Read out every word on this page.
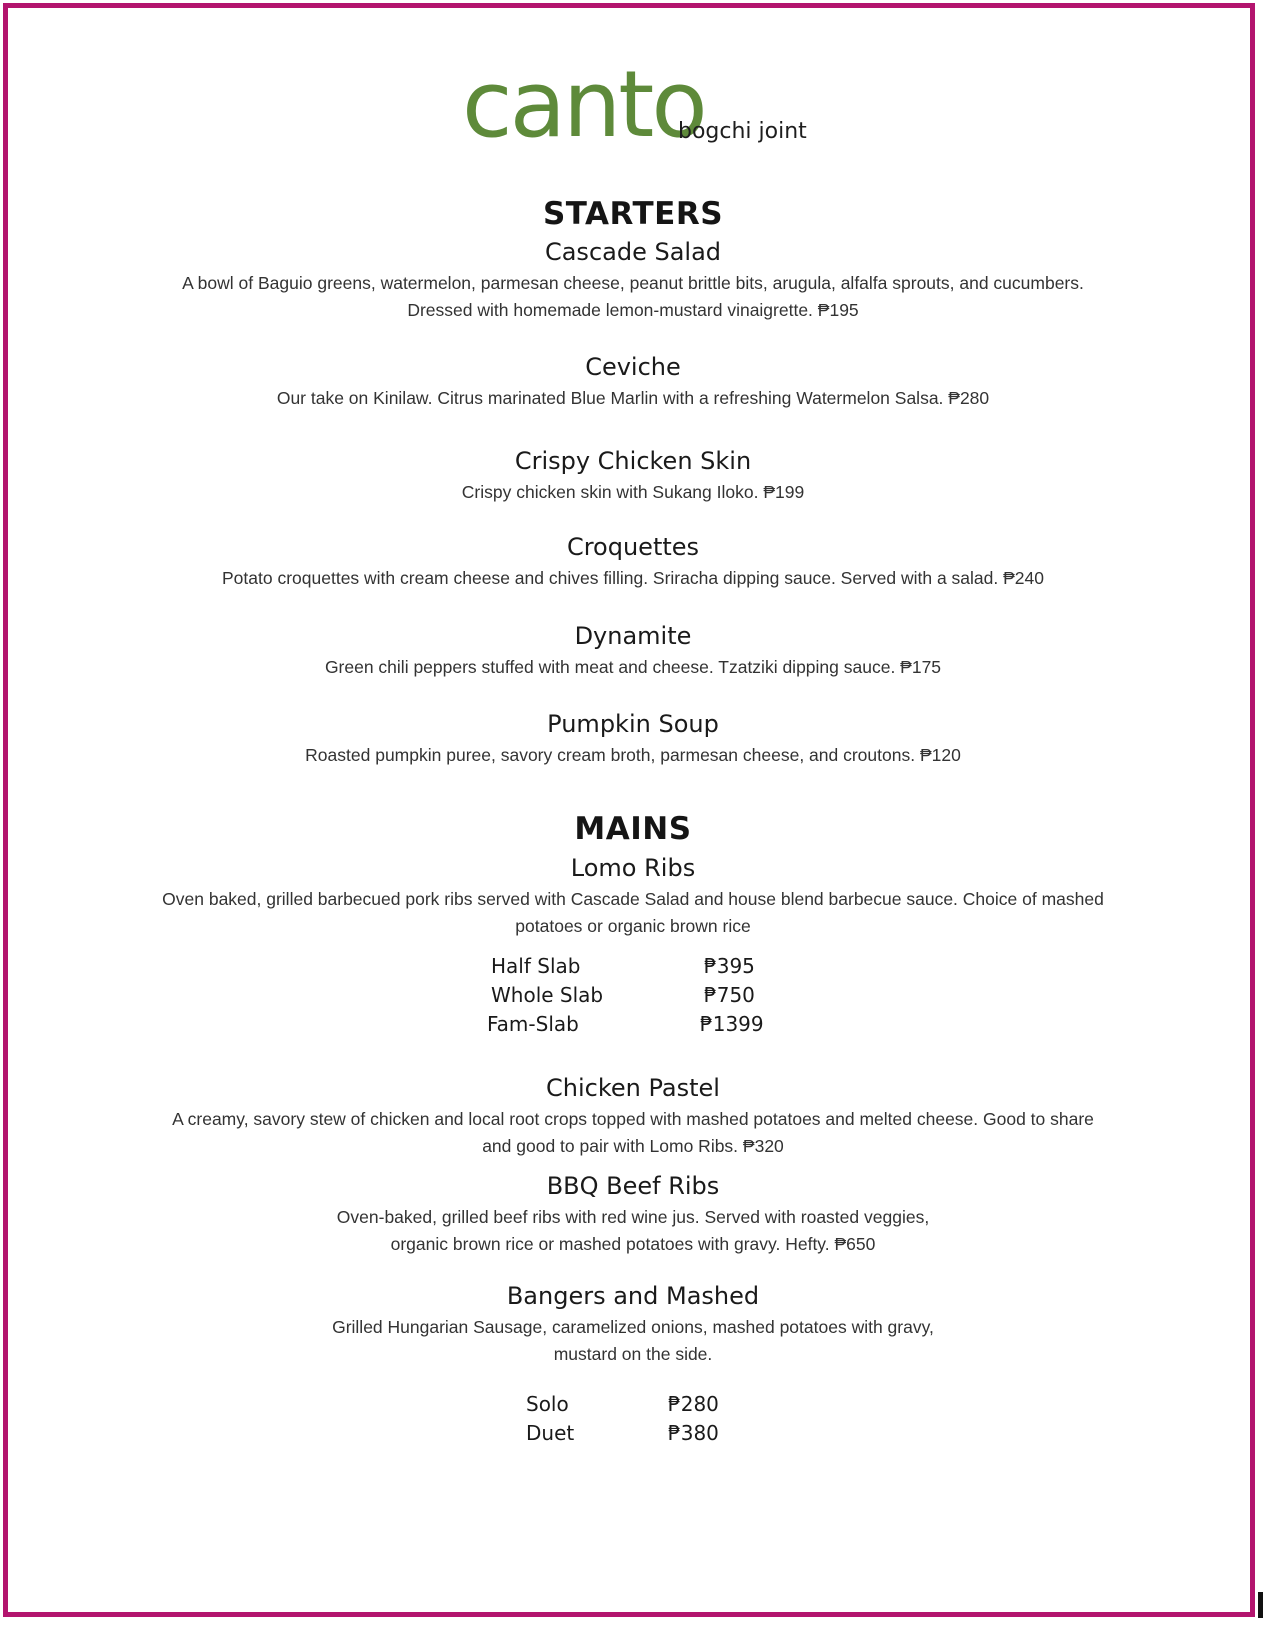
canto
bogchi joint
STARTERS
Cascade Salad
A bowl of Baguio greens, watermelon, parmesan cheese, peanut brittle bits, arugula, alfalfa sprouts, and cucumbers.
Dressed with homemade lemon-mustard vinaigrette. ₱195
Ceviche
Our take on Kinilaw. Citrus marinated Blue Marlin with a refreshing Watermelon Salsa. ₱280
Crispy Chicken Skin
Crispy chicken skin with Sukang Iloko. ₱199
Croquettes
Potato croquettes with cream cheese and chives filling. Sriracha dipping sauce. Served with a salad. ₱240
Dynamite
Green chili peppers stuffed with meat and cheese. Tzatziki dipping sauce. ₱175
Pumpkin Soup
Roasted pumpkin puree, savory cream broth, parmesan cheese, and croutons. ₱120
MAINS
Lomo Ribs
Oven baked, grilled barbecued pork ribs served with Cascade Salad and house blend barbecue sauce. Choice of mashed
potatoes or organic brown rice
Half Slab	₱395
Whole Slab	₱750
Fam-Slab	₱1399
Chicken Pastel
A creamy, savory stew of chicken and local root crops topped with mashed potatoes and melted cheese. Good to share
and good to pair with Lomo Ribs. ₱320
BBQ Beef Ribs
Oven-baked, grilled beef ribs with red wine jus. Served with roasted veggies,
organic brown rice or mashed potatoes with gravy. Hefty. ₱650
Bangers and Mashed
Grilled Hungarian Sausage, caramelized onions, mashed potatoes with gravy,
mustard on the side.
Solo	₱280
Duet	₱380
